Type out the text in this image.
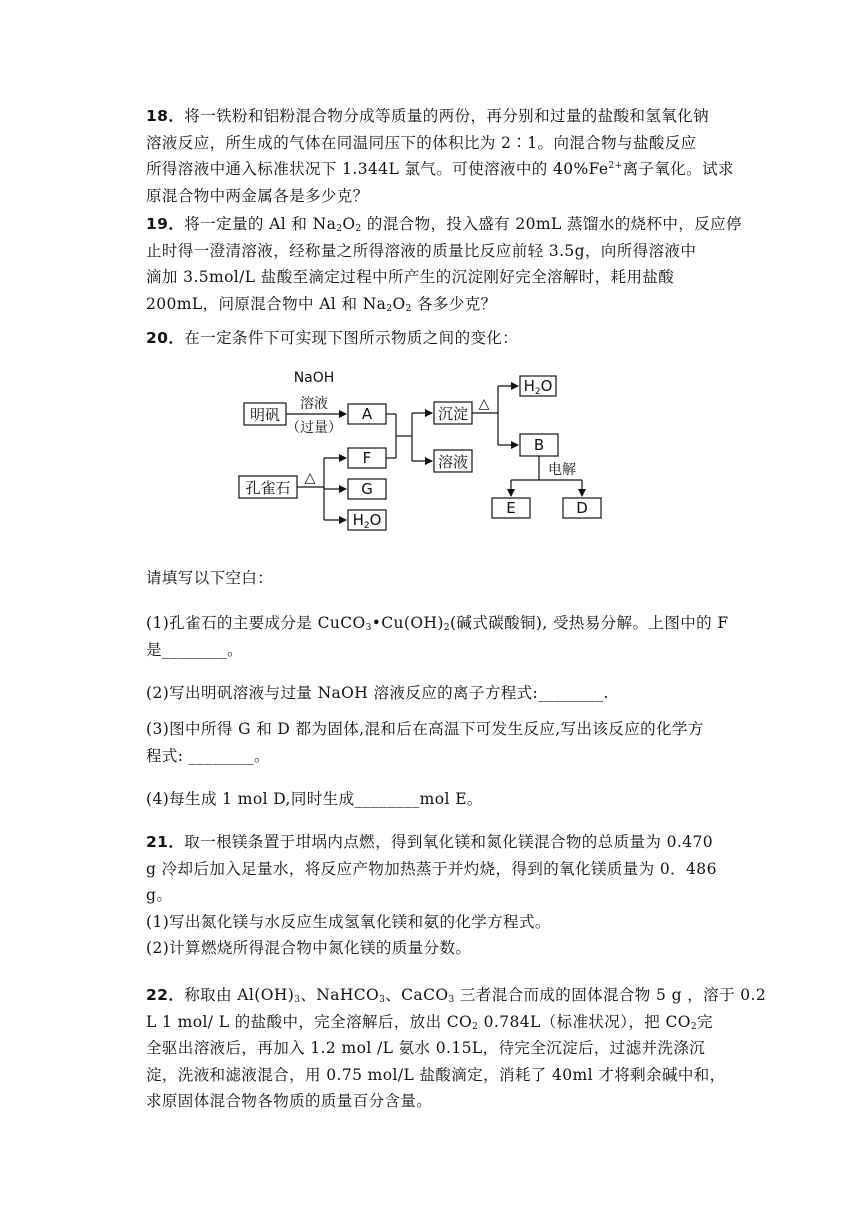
18．将一铁粉和铝粉混合物分成等质量的两份，再分别和过量的盐酸和氢氧化钠
溶液反应，所生成的气体在同温同压下的体积比为 2∶1。向混合物与盐酸反应
所得溶液中通入标准状况下 1.344L 氯气。可使溶液中的 $40\%Fe^{2+}$离子氧化。试求
原混合物中两金属各是多少克？
19．将一定量的 Al 和 $Na_2O_2$ 的混合物，投入盛有 20mL 蒸馏水的烧杯中，反应停
止时得一澄清溶液，经称量之所得溶液的质量比反应前轻 3.5g，向所得溶液中
滴加 3.5mol/L 盐酸至滴定过程中所产生的沉淀刚好完全溶解时，耗用盐酸
200mL，问原混合物中 Al 和 $Na_2O_2$ 各多少克？
20．在一定条件下可实现下图所示物质之间的变化：
明矾
孔雀石
NaOH
溶液
（过量）
△
A
F
G
$H_2O$
沉淀
溶液
△
$H_2O$
B
电解
E	D
请填写以下空白：
(1)孔雀石的主要成分是 $CuCO_3•Cu(OH)_2$(碱式碳酸铜), 受热易分解。上图中的 F
是________。
(2)写出明矾溶液与过量 NaOH 溶液反应的离子方程式:________.
(3)图中所得 G 和 D 都为固体,混和后在高温下可发生反应,写出该反应的化学方
程式: ________。
(4)每生成 1 mol D,同时生成________mol E。
21．取一根镁条置于坩埚内点燃，得到氧化镁和氮化镁混合物的总质量为 0.470
g 冷却后加入足量水，将反应产物加热蒸于并灼烧，得到的氧化镁质量为 0．486
g。
(1)写出氮化镁与水反应生成氢氧化镁和氨的化学方程式。
(2)计算燃烧所得混合物中氮化镁的质量分数。
22．称取由 $Al(OH)_3$、NaHCO$_3$、CaCO$_3$ 三者混合而成的固体混合物 5 g ，溶于 0.2
L 1 mol/ L 的盐酸中，完全溶解后，放出 $CO_2$ 0.784L（标准状况），把 $CO_2$完
全驱出溶液后，再加入 1.2 mol /L 氨水 0.15L，待完全沉淀后，过滤并洗涤沉
淀，洗液和滤液混合，用 0.75 mol/L 盐酸滴定，消耗了 40ml 才将剩余碱中和，
求原固体混合物各物质的质量百分含量。
